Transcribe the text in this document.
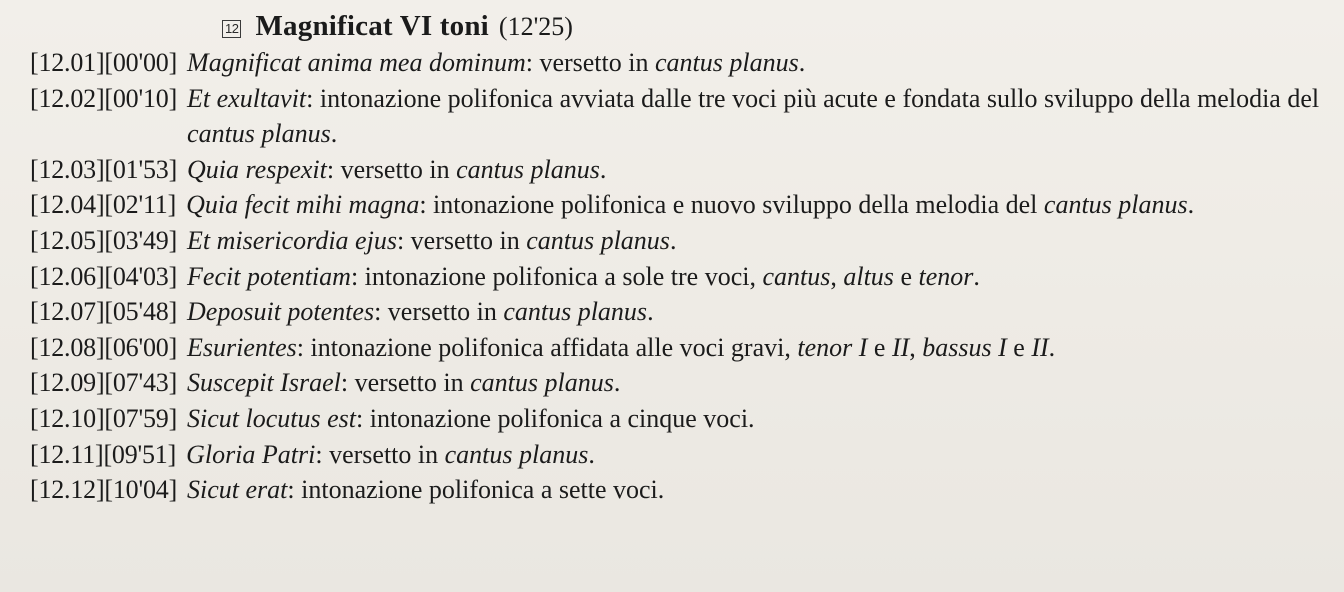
12 Magnificat VI toni (12'25)
[12.01] [00'00] Magnificat anima mea dominum: versetto in cantus planus.
[12.02] [00'10] Et exultavit: intonazione polifonica avviata dalle tre voci più acute e fondata sullo sviluppo della melodia del cantus planus.
[12.03] [01'53] Quia respexit: versetto in cantus planus.
[12.04] [02'11] Quia fecit mihi magna: intonazione polifonica e nuovo sviluppo della melodia del cantus planus.
[12.05] [03'49] Et misericordia ejus: versetto in cantus planus.
[12.06] [04'03] Fecit potentiam: intonazione polifonica a sole tre voci, cantus, altus e tenor.
[12.07] [05'48] Deposuit potentes: versetto in cantus planus.
[12.08] [06'00] Esurientes: intonazione polifonica affidata alle voci gravi, tenor I e II, bassus I e II.
[12.09] [07'43] Suscepit Israel: versetto in cantus planus.
[12.10] [07'59] Sicut locutus est: intonazione polifonica a cinque voci.
[12.11] [09'51] Gloria Patri: versetto in cantus planus.
[12.12] [10'04] Sicut erat: intonazione polifonica a sette voci.
